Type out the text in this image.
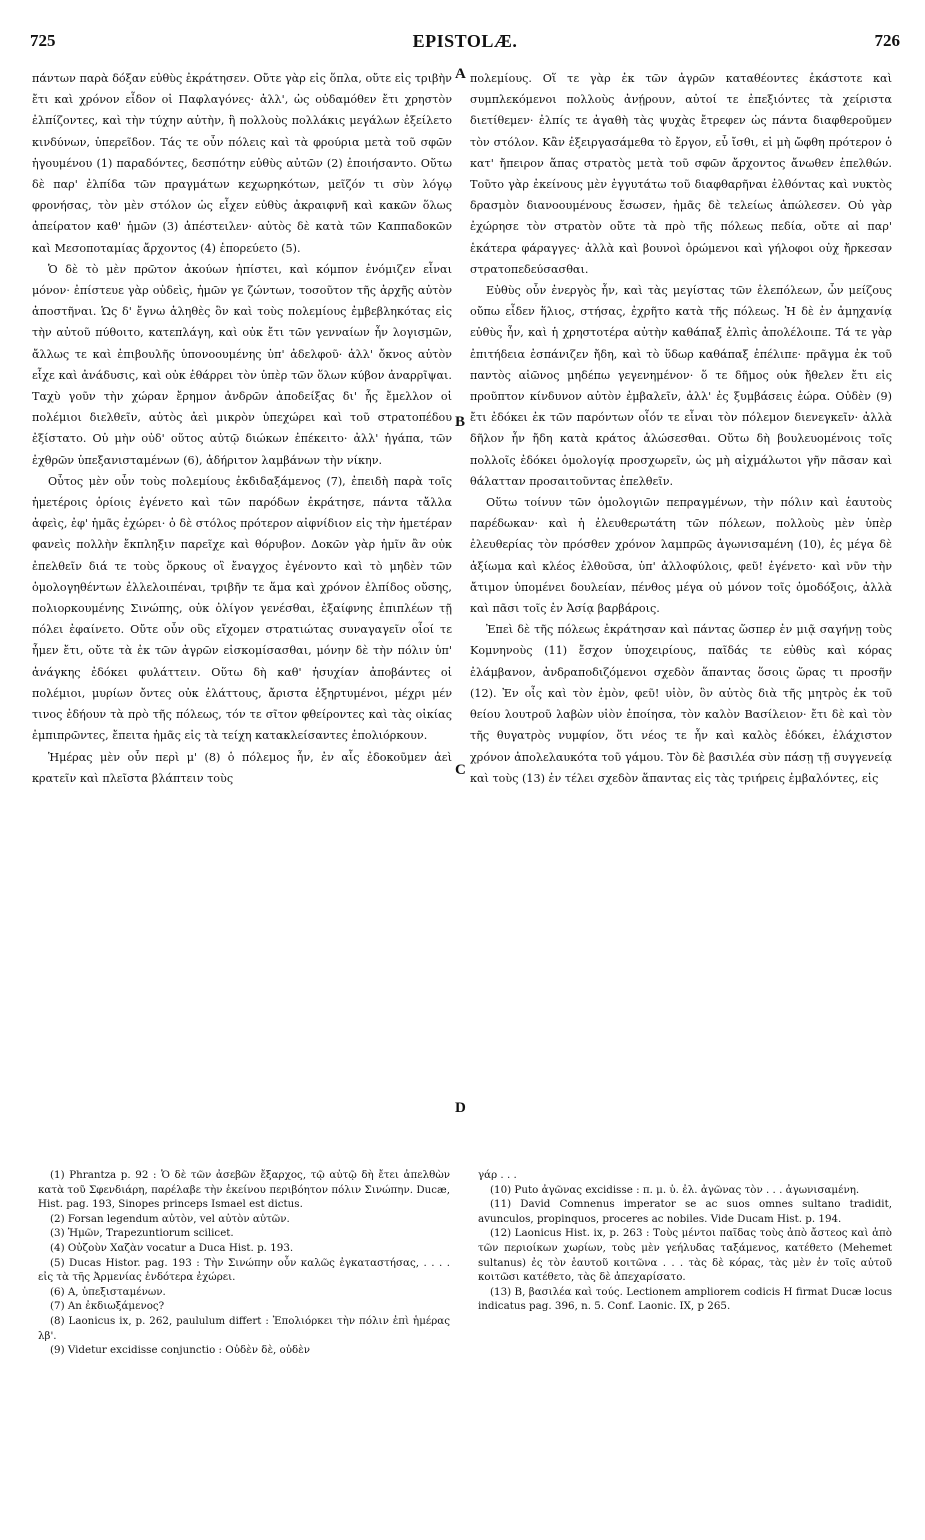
725	EPISTOLÆ.	726

πάντων παρὰ δόξαν εὐθὺς ἐκράτησεν. Οὔτε γὰρ εἰς ὅπλα, οὔτε εἰς τριβὴν ἔτι καὶ χρόνον εἶδον οἱ Παφλαγόνες· ἀλλ', ὡς οὐδαμόθεν ἔτι χρηστὸν ἐλπίζοντες, καὶ τὴν τύχην αὐτὴν, ἣ πολλοὺς πολλάκις μεγάλων ἐξείλετο κινδύνων, ὑπερεῖδον. Τάς τε οὖν πόλεις καὶ τὰ φρούρια μετὰ τοῦ σφῶν ἡγουμένου (1) παραδόντες, δεσπότην εὐθὺς αὐτῶν (2) ἐποιήσαντο. Οὕτω δὲ παρ' ἐλπίδα τῶν πραγμάτων κεχωρηκότων, μεῖζόν τι σὺν λόγῳ φρονήσας, τὸν μὲν στόλον ὡς εἶχεν εὐθὺς ἀκραιφνῆ καὶ κακῶν ὅλως ἀπείρατον καθ' ἡμῶν (3) ἀπέστειλεν· αὐτὸς δὲ κατὰ τῶν Καππαδοκῶν καὶ Μεσοποταμίας ἄρχοντος (4) ἐπορεύετο (5).

Ὁ δὲ τὸ μὲν πρῶτον ἀκούων ἠπίστει, καὶ κόμπον ἐνόμιζεν εἶναι μόνον· ἐπίστευε γὰρ οὐδεὶς, ἡμῶν γε ζώντων, τοσοῦτον τῆς ἀρχῆς αὐτὸν ἀποστῆναι. Ὡς δ' ἔγνω ἀληθὲς ὃν καὶ τοὺς πολεμίους ἐμβεβληκότας εἰς τὴν αὐτοῦ πύθοιτο, κατεπλάγη, καὶ οὐκ ἔτι τῶν γενναίων ἦν λογισμῶν, ἄλλως τε καὶ ἐπιβουλῆς ὑπονοουμένης ὑπ' ἀδελφοῦ· ἀλλ' ὄκνος αὐτὸν εἶχε καὶ ἀνάδυσις, καὶ οὐκ ἐθάρρει τὸν ὑπὲρ τῶν ὅλων κύβον ἀναρρῖψαι. Ταχὺ γοῦν τὴν χώραν ἔρημον ἀνδρῶν ἀποδείξας δι' ἧς ἔμελλον οἱ πολέμιοι διελθεῖν, αὐτὸς ἀεὶ μικρὸν ὑπεχώρει καὶ τοῦ στρατοπέδου ἐξίστατο. Οὐ μὴν οὐδ' οὕτος αὐτῷ διώκων ἐπέκειτο· ἀλλ' ἠγάπα, τῶν ἐχθρῶν ὑπεξανισταμένων (6), ἀδήριτον λαμβάνων τὴν νίκην.

Οὗτος μὲν οὖν τοὺς πολεμίους ἐκδιδαξάμενος (7), ἐπειδὴ παρὰ τοῖς ἡμετέροις ὁρίοις ἐγένετο καὶ τῶν παρόδων ἐκράτησε, πάντα τἄλλα ἀφεὶς, ἐφ' ἡμᾶς ἐχώρει· ὁ δὲ στόλος πρότερον αἰφνίδιον εἰς τὴν ἡμετέραν φανεὶς πολλὴν ἔκπληξιν παρεῖχε καὶ θόρυβον. Δοκῶν γὰρ ἡμῖν ἂν οὐκ ἐπελθεῖν διά τε τοὺς ὅρκους οἳ ἔναγχος ἐγένοντο καὶ τὸ μηδὲν τῶν ὁμολογηθέντων ἐλλελοιπέναι, τριβῆν τε ἅμα καὶ χρόνον ἐλπίδος οὔσης, πολιορκουμένης Σινώπης, οὐκ ὀλίγον γενέσθαι, ἐξαίφνης ἐπιπλέων τῇ πόλει ἐφαίνετο. Οὔτε οὖν οὓς εἴχομεν στρατιώτας συναγαγεῖν οἷοί τε ἦμεν ἔτι, οὔτε τὰ ἐκ τῶν ἀγρῶν εἰσκομίσασθαι, μόνην δὲ τὴν πόλιν ὑπ' ἀνάγκης ἐδόκει φυλάττειν. Οὕτω δὴ καθ' ἡσυχίαν ἀποβάντες οἱ πολέμιοι, μυρίων ὄντες οὐκ ἐλάττους, ἄριστα ἐξηρτυμένοι, μέχρι μέν τινος ἐδήουν τὰ πρὸ τῆς πόλεως, τόν τε σῖτον φθείροντες καὶ τὰς οἰκίας ἐμπιπρῶντες, ἔπειτα ἡμᾶς εἰς τὰ τείχη κατακλείσαντες ἐπολιόρκουν.

Ἡμέρας μὲν οὖν περὶ μ' (8) ὁ πόλεμος ἦν, ἐν αἷς ἐδοκοῦμεν ἀεὶ κρατεῖν καὶ πλεῖστα βλάπτειν τοὺς

A
B
C
D

πολεμίους. Οἵ τε γὰρ ἐκ τῶν ἀγρῶν καταθέοντες ἑκάστοτε καὶ συμπλεκόμενοι πολλοὺς ἀνῄρουν, αὐτοί τε ἐπεξιόντες τὰ χείριστα διετίθεμεν· ἐλπίς τε ἀγαθὴ τὰς ψυχὰς ἔτρεφεν ὡς πάντα διαφθεροῦμεν τὸν στόλον. Κἂν ἐξειργασάμεθα τὸ ἔργον, εὖ ἴσθι, εἰ μὴ ὤφθη πρότερον ὁ κατ' ἤπειρον ἅπας στρατὸς μετὰ τοῦ σφῶν ἄρχοντος ἄνωθεν ἐπελθών. Τοῦτο γὰρ ἐκείνους μὲν ἐγγυτάτω τοῦ διαφθαρῆναι ἐλθόντας καὶ νυκτὸς δρασμὸν διανοουμένους ἔσωσεν, ἡμᾶς δὲ τελείως ἀπώλεσεν. Οὐ γὰρ ἐχώρησε τὸν στρατὸν οὔτε τὰ πρὸ τῆς πόλεως πεδία, οὔτε αἱ παρ' ἑκάτερα φάραγγες· ἀλλὰ καὶ βουνοὶ ὁρώμενοι καὶ γήλοφοι οὐχ ἤρκεσαν στρατοπεδεύσασθαι.

Εὐθὺς οὖν ἐνεργὸς ἦν, καὶ τὰς μεγίστας τῶν ἑλεπόλεων, ὧν μείζους οὔπω εἶδεν ἥλιος, στήσας, ἐχρῆτο κατὰ τῆς πόλεως. Ἡ δὲ ἐν ἀμηχανίᾳ εὐθὺς ἦν, καὶ ἡ χρηστοτέρα αὐτὴν καθάπαξ ἐλπὶς ἀπολέλοιπε. Τά τε γὰρ ἐπιτήδεια ἐσπάνιζεν ἤδη, καὶ τὸ ὕδωρ καθάπαξ ἐπέλιπε· πρᾶγμα ἐκ τοῦ παντὸς αἰῶνος μηδέπω γεγενημένον· ὅ τε δῆμος οὐκ ἤθελεν ἔτι εἰς προῦπτον κίνδυνον αὐτὸν ἐμβαλεῖν, ἀλλ' ἐς ξυμβάσεις ἑώρα. Οὐδὲν (9) ἔτι ἐδόκει ἐκ τῶν παρόντων οἷόν τε εἶναι τὸν πόλεμον διενεγκεῖν· ἀλλὰ δῆλον ἦν ἤδη κατὰ κράτος ἁλώσεσθαι. Οὕτω δὴ βουλευομένοις τοῖς πολλοῖς ἐδόκει ὁμολογίᾳ προσχωρεῖν, ὡς μὴ αἰχμάλωτοι γῆν πᾶσαν καὶ θάλατταν προσαιτοῦντας ἐπελθεῖν.

Οὕτω τοίνυν τῶν ὁμολογιῶν πεπραγμένων, τὴν πόλιν καὶ ἑαυτοὺς παρέδωκαν· καὶ ἡ ἐλευθερωτάτη τῶν πόλεων, πολλοὺς μὲν ὑπὲρ ἐλευθερίας τὸν πρόσθεν χρόνον λαμπρῶς ἀγωνισαμένη (10), ἐς μέγα δὲ ἀξίωμα καὶ κλέος ἐλθοῦσα, ὑπ' ἀλλοφύλοις, φεῦ! ἐγένετο· καὶ νῦν τὴν ἄτιμον ὑπομένει δουλείαν, πένθος μέγα οὐ μόνον τοῖς ὁμοδόξοις, ἀλλὰ καὶ πᾶσι τοῖς ἐν Ἀσίᾳ βαρβάροις.

Ἐπεὶ δὲ τῆς πόλεως ἐκράτησαν καὶ πάντας ὥσπερ ἐν μιᾷ σαγήνῃ τοὺς Κομνηνοὺς (11) ἔσχον ὑποχειρίους, παῖδάς τε εὐθὺς καὶ κόρας ἐλάμβανον, ἀνδραποδιζόμενοι σχεδὸν ἅπαντας ὅσοις ὥρας τι προσῆν (12). Ἐν οἷς καὶ τὸν ἐμὸν, φεῦ! υἱὸν, ὃν αὐτὸς διὰ τῆς μητρὸς ἐκ τοῦ θείου λουτροῦ λαβὼν υἱὸν ἐποίησα, τὸν καλὸν Βασίλειον· ἔτι δὲ καὶ τὸν τῆς θυγατρὸς νυμφίον, ὅτι νέος τε ἦν καὶ καλὸς ἐδόκει, ἐλάχιστον χρόνον ἀπολελαυκότα τοῦ γάμου. Τὸν δὲ βασιλέα σὺν πάσῃ τῇ συγγενείᾳ καὶ τοὺς (13) ἐν τέλει σχεδὸν ἅπαντας εἰς τὰς τριήρεις ἐμβαλόντες, εἰς

(1) Phrantza p. 92 : Ὁ δὲ τῶν ἀσεβῶν ἔξαρχος, τῷ αὐτῷ δὴ ἔτει ἀπελθὼν κατὰ τοῦ Σφενδιάρη, παρέλαβε τὴν ἐκείνου περιβόητον πόλιν Σινώπην. Ducæ, Hist. pag. 193, Sinopes princeps Ismael est dictus.

(2) Forsan legendum αὐτὸν, vel αὐτὸν αὐτῶν.

(3) Ἡμῶν, Trapezuntiorum scilicet.

(4) Οὐζοὺν Χαζὰν vocatur a Duca Hist. p. 193.

(5) Ducas Histor. pag. 193 : Τὴν Σινώπην οὖν καλῶς ἐγκαταστήσας, . . . . εἰς τὰ τῆς Ἀρμενίας ἐνδότερα ἐχώρει.

(6) A, ὑπεξισταμένων.

(7) An ἐκδιωξάμενος?

(8) Laonicus ix, p. 262, paululum differt : Ἐπολιόρκει τὴν πόλιν ἐπὶ ἡμέρας λβ'.

(9) Videtur excidisse conjunctio : Οὐδὲν δὲ, οὐδὲν

γάρ . . .

(10) Puto ἀγῶνας excidisse : π. μ. ὑ. ἐλ. ἀγῶνας τὸν . . . ἀγωνισαμένη.

(11) David Comnenus imperator se ac suos omnes sultano tradidit, avunculos, propinquos, proceres ac nobiles. Vide Ducam Hist. p. 194.

(12) Laonicus Hist. ix, p. 263 : Τοὺς μέντοι παῖδας τοὺς ἀπὸ ἄστεος καὶ ἀπὸ τῶν περιοίκων χωρίων, τοὺς μὲν γεήλυδας ταξάμενος, κατέθετο (Mehemet sultanus) ἐς τὸν ἑαυτοῦ κοιτῶνα . . . τὰς δὲ κόρας, τὰς μὲν ἐν τοῖς αὐτοῦ κοιτῶσι κατέθετο, τὰς δὲ ἀπεχαρίσατο.

(13) B, βασιλέα καὶ τούς. Lectionem ampliorem codicis H firmat Ducæ locus indicatus pag. 396, n. 5. Conf. Laonic. IX, p 265.
